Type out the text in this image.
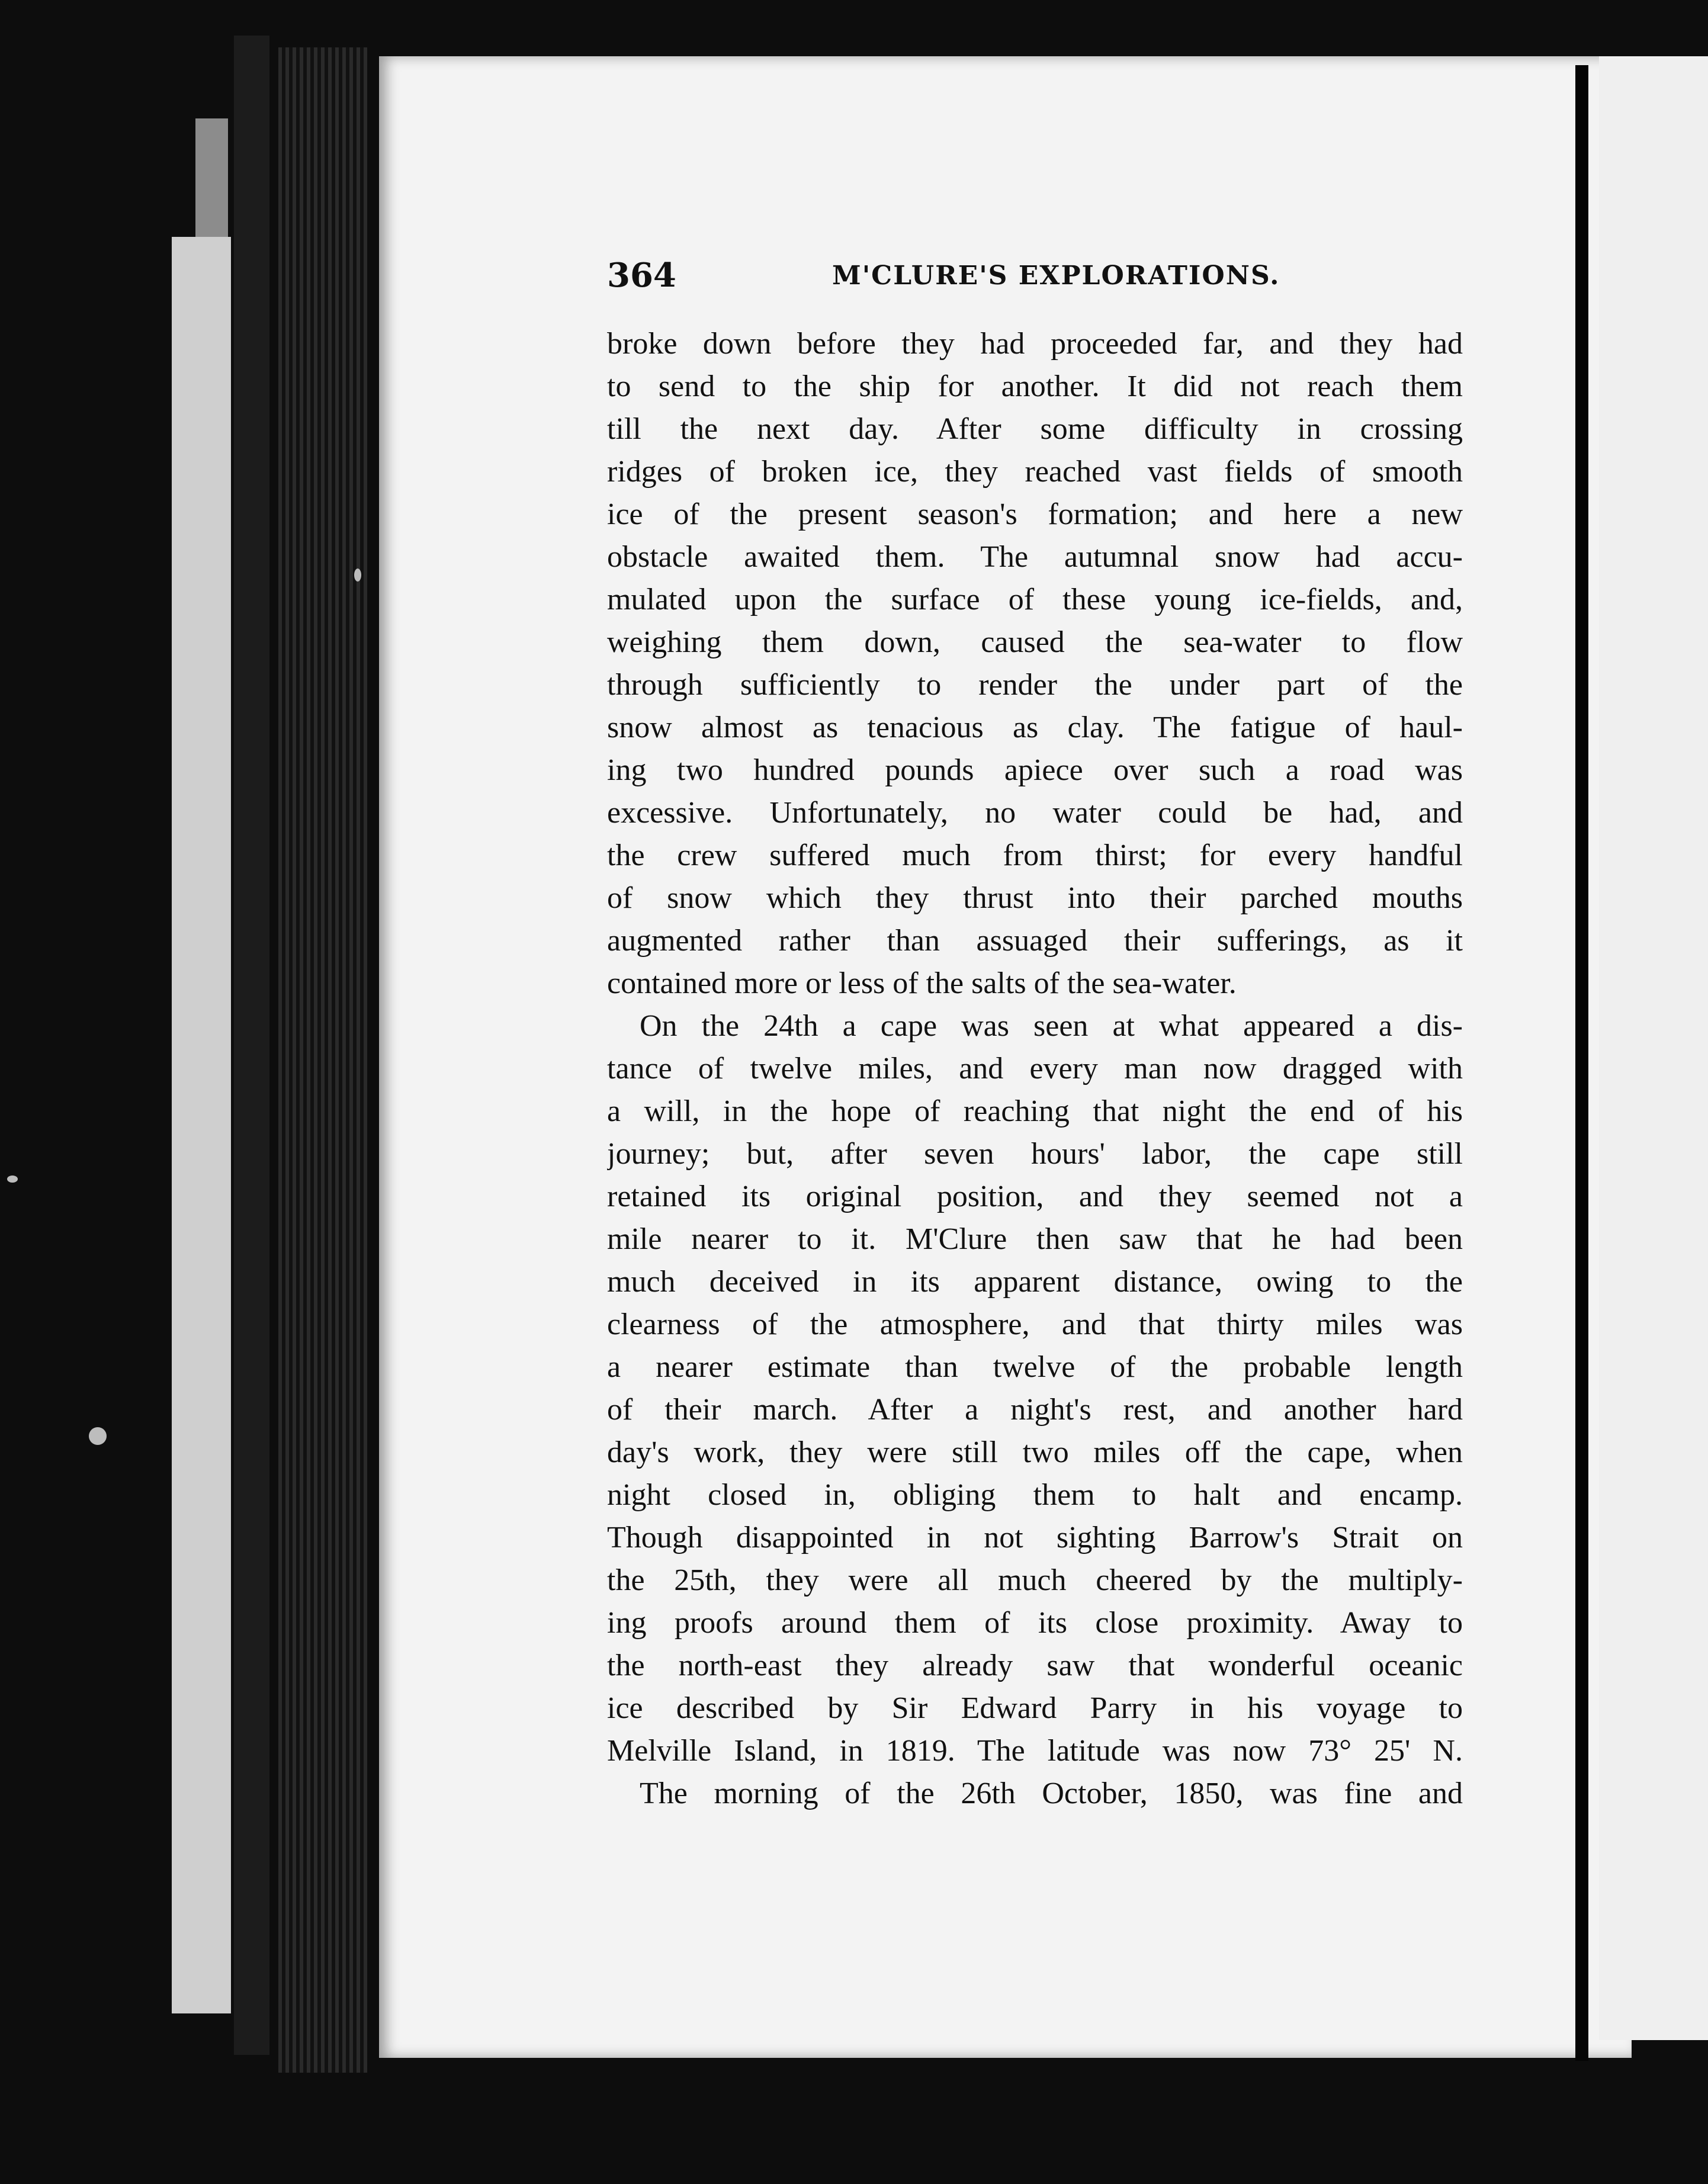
364	M'CLURE'S EXPLORATIONS.
broke down before they had proceeded far, and they had
to send to the ship for another. It did not reach them
till the next day. After some difficulty in crossing
ridges of broken ice, they reached vast fields of smooth
ice of the present season's formation; and here a new
obstacle awaited them. The autumnal snow had accu-
mulated upon the surface of these young ice-fields, and,
weighing them down, caused the sea-water to flow
through sufficiently to render the under part of the
snow almost as tenacious as clay. The fatigue of haul-
ing two hundred pounds apiece over such a road was
excessive. Unfortunately, no water could be had, and
the crew suffered much from thirst; for every handful
of snow which they thrust into their parched mouths
augmented rather than assuaged their sufferings, as it
contained more or less of the salts of the sea-water.
On the 24th a cape was seen at what appeared a dis-
tance of twelve miles, and every man now dragged with
a will, in the hope of reaching that night the end of his
journey; but, after seven hours' labor, the cape still
retained its original position, and they seemed not a
mile nearer to it. M'Clure then saw that he had been
much deceived in its apparent distance, owing to the
clearness of the atmosphere, and that thirty miles was
a nearer estimate than twelve of the probable length
of their march. After a night's rest, and another hard
day's work, they were still two miles off the cape, when
night closed in, obliging them to halt and encamp.
Though disappointed in not sighting Barrow's Strait on
the 25th, they were all much cheered by the multiply-
ing proofs around them of its close proximity. Away to
the north-east they already saw that wonderful oceanic
ice described by Sir Edward Parry in his voyage to
Melville Island, in 1819. The latitude was now 73° 25' N.
The morning of the 26th October, 1850, was fine and
